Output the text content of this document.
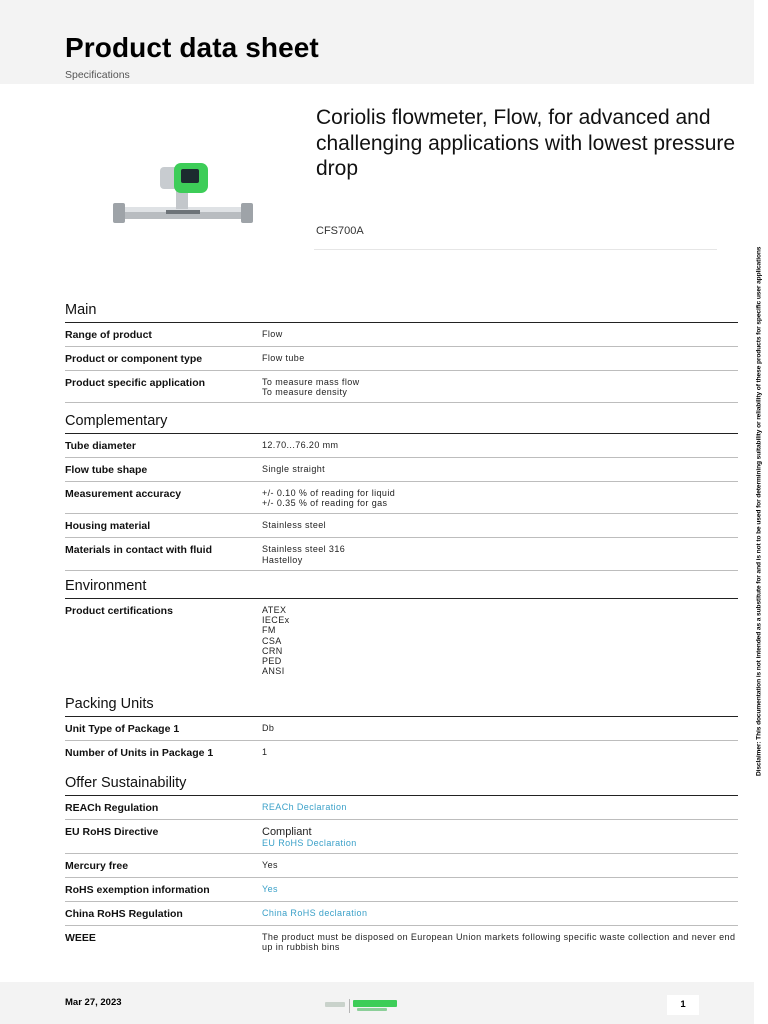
Product data sheet
Specifications
Coriolis flowmeter, Flow, for advanced and challenging applications with lowest pressure drop
CFS700A
Disclaimer: This documentation is not intended as a substitute for and is not to be used for determining suitability or reliability of these products for specific user applications
Main
Range of product	Flow
Product or component type	Flow tube
Product specific application	To measure mass flow
To measure density
Complementary
Tube diameter	12.70...76.20 mm
Flow tube shape	Single straight
Measurement accuracy	+/- 0.10 % of reading for liquid
+/- 0.35 % of reading for gas
Housing material	Stainless steel
Materials in contact with fluid	Stainless steel 316
Hastelloy
Environment
Product certifications	ATEX
IECEx
FM
CSA
CRN
PED
ANSI
Packing Units
Unit Type of Package 1	Db
Number of Units in Package 1	1
Offer Sustainability
REACh Regulation	REACh Declaration
EU RoHS Directive	Compliant
EU RoHS Declaration
Mercury free	Yes
RoHS exemption information	Yes
China RoHS Regulation	China RoHS declaration
WEEE	The product must be disposed on European Union markets following specific waste collection and never end up in rubbish bins
Mar 27, 2023	1
